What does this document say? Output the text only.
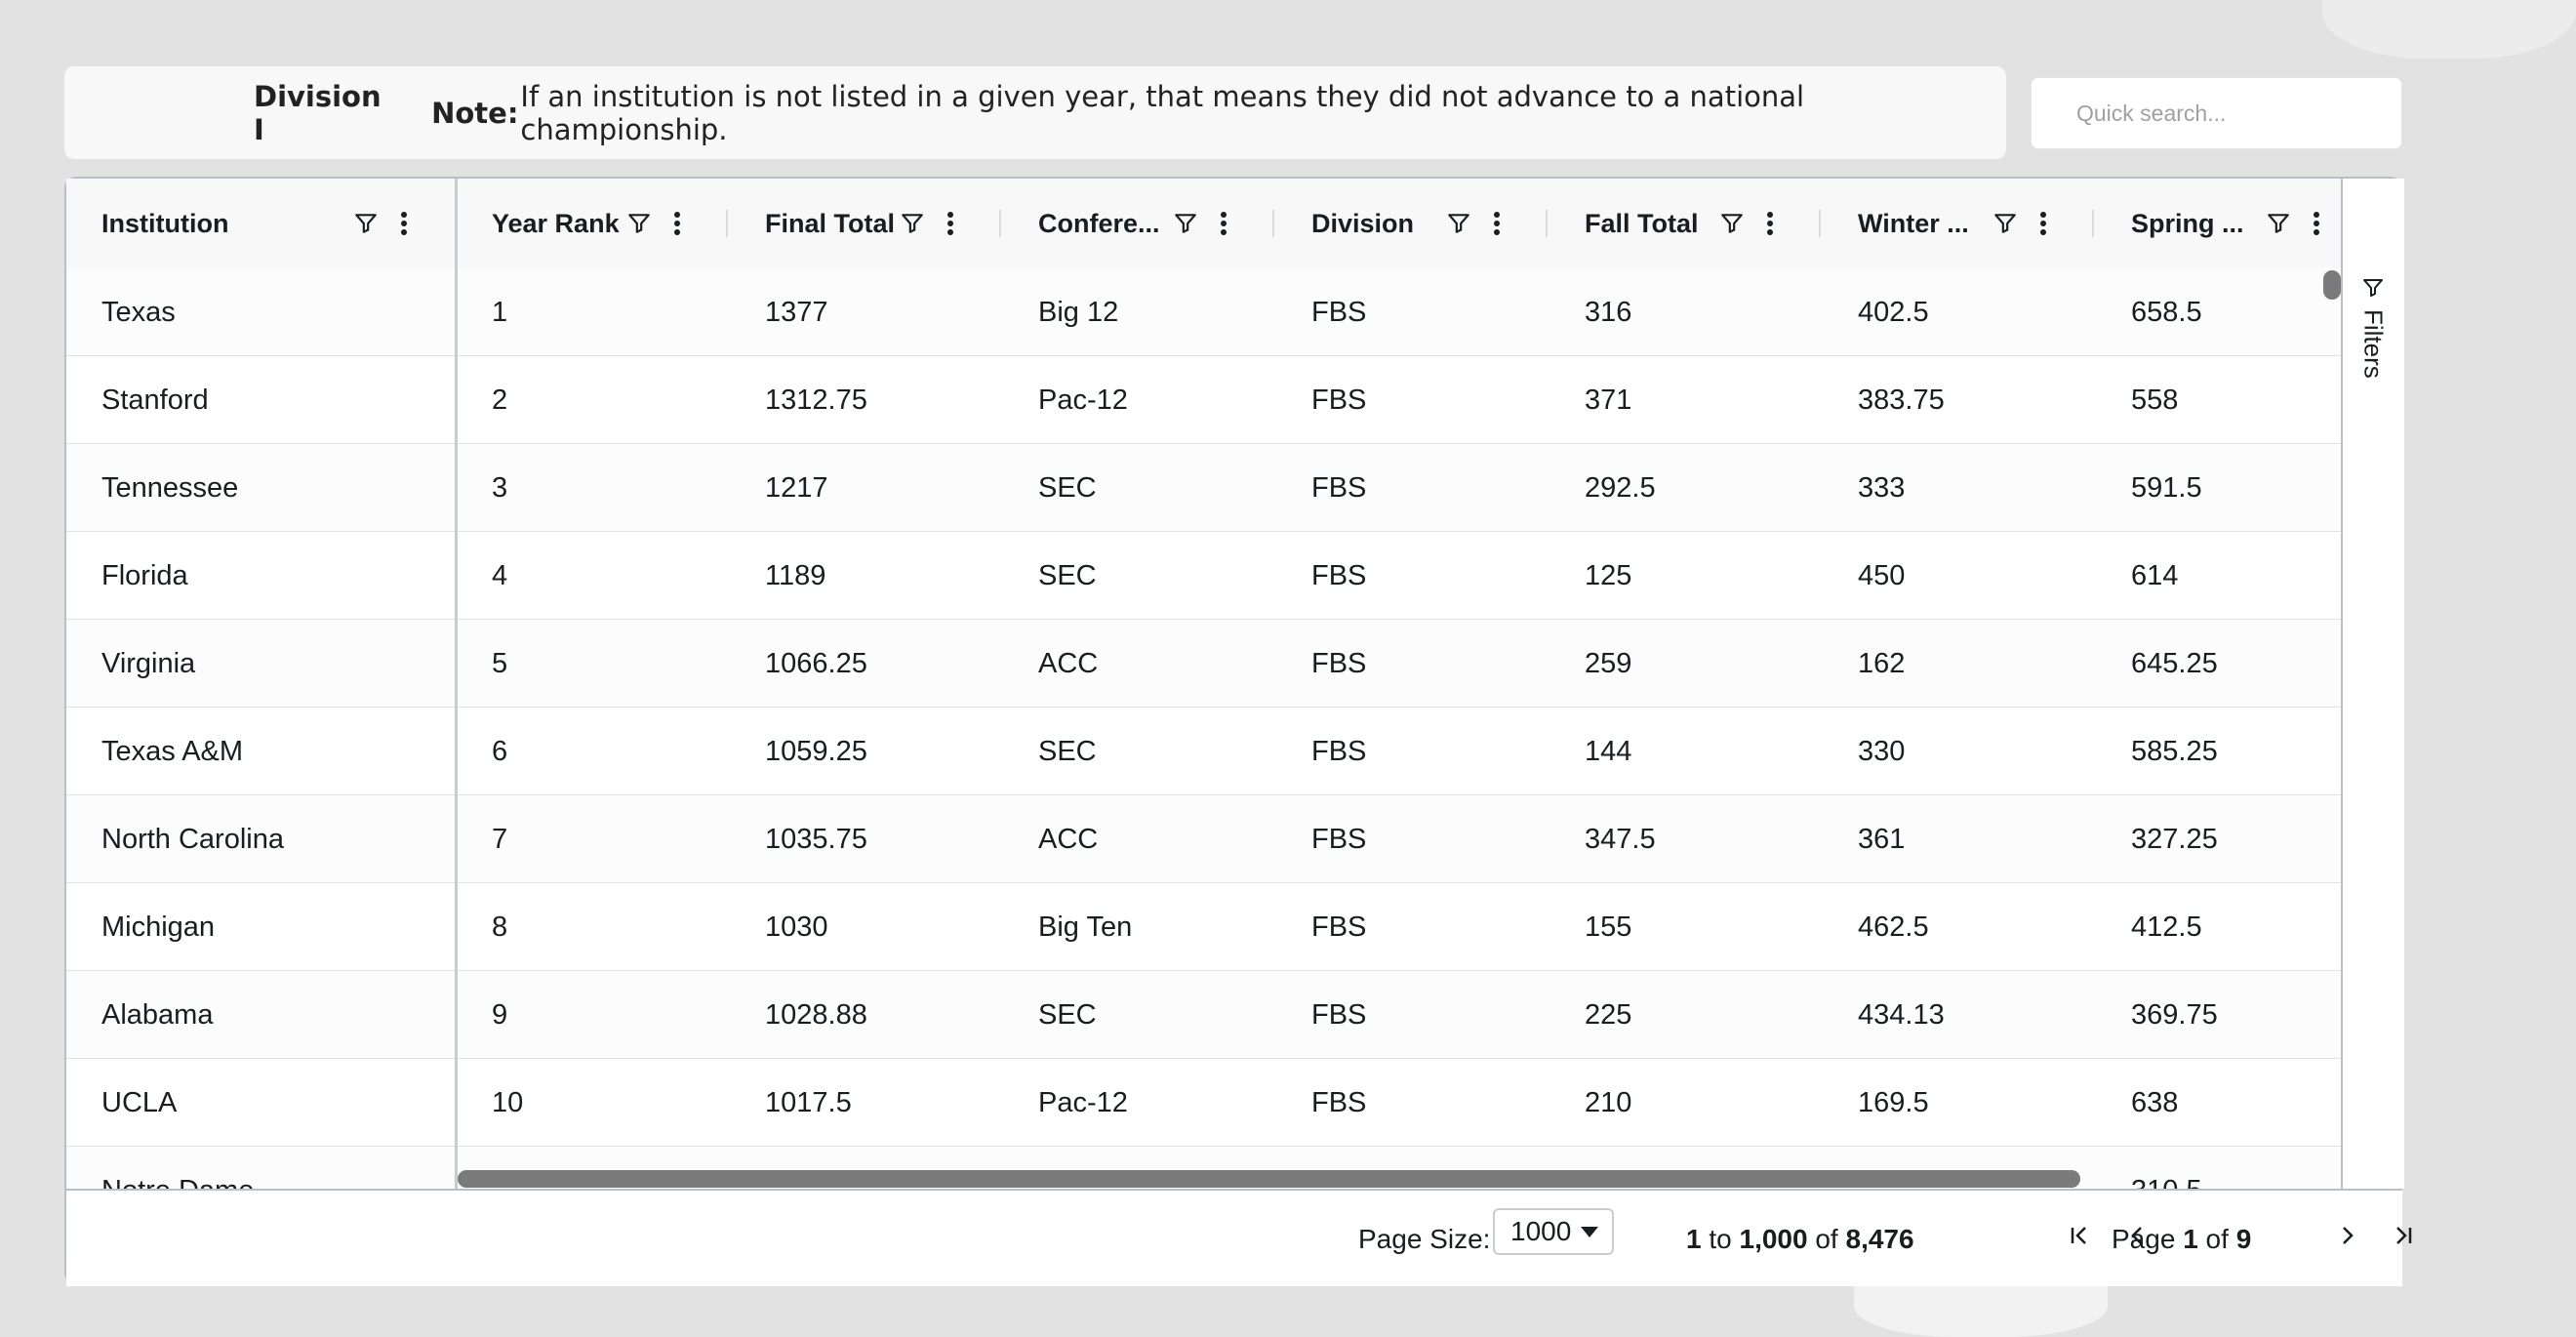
Division I	Note: If an institution is not listed in a given year, that means they did not advance to a national championship.
Quick search...
Institution	Year Rank	Final Total	Confere...	Division	Fall Total	Winter ...	Spring ...
Texas	1	1377	Big 12	FBS	316	402.5	658.5
Stanford	2	1312.75	Pac-12	FBS	371	383.75	558
Tennessee	3	1217	SEC	FBS	292.5	333	591.5
Florida	4	1189	SEC	FBS	125	450	614
Virginia	5	1066.25	ACC	FBS	259	162	645.25
Texas A&M	6	1059.25	SEC	FBS	144	330	585.25
North Carolina	7	1035.75	ACC	FBS	347.5	361	327.25
Michigan	8	1030	Big Ten	FBS	155	462.5	412.5
Alabama	9	1028.88	SEC	FBS	225	434.13	369.75
UCLA	10	1017.5	Pac-12	FBS	210	169.5	638
Filters
Page Size: 1000	1 to 1,000 of 8,476	Page 1 of 9
